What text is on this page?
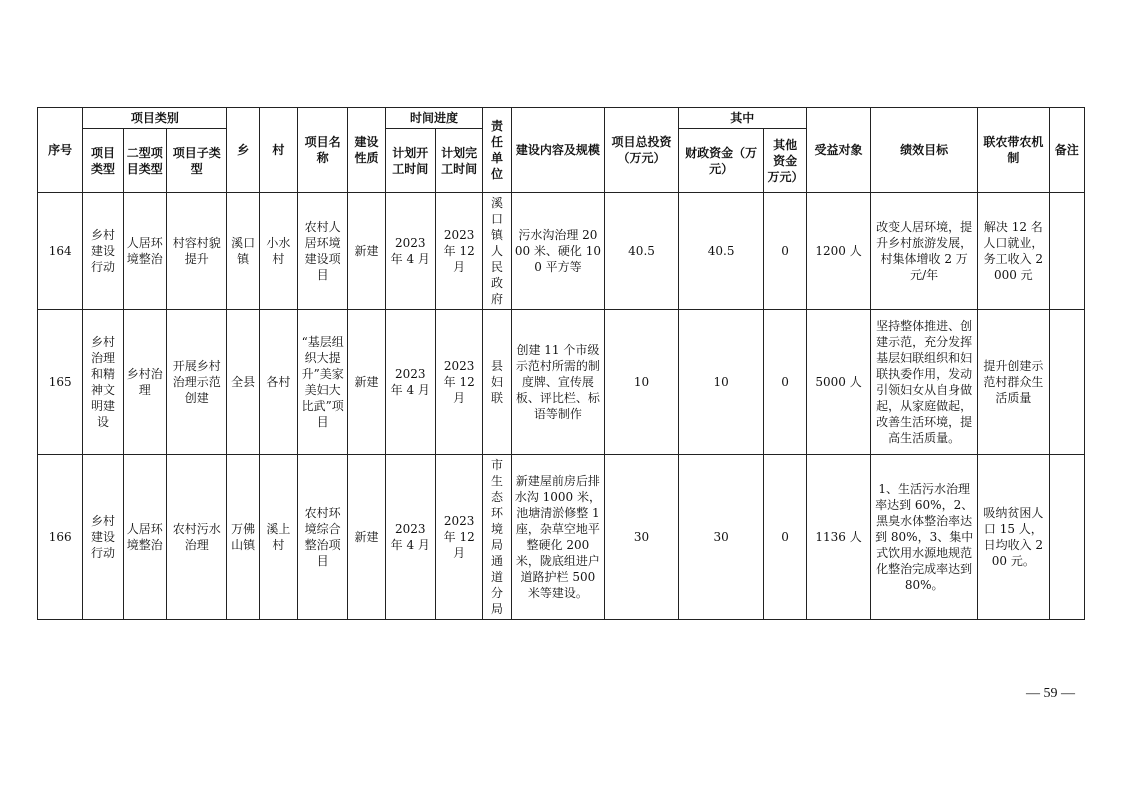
序号	项目类别			乡	村	项目名称	建设性质	时间进度		责任单位	建设内容及规模	项目总投资（万元）	其中		受益对象	绩效目标	联农带农机制	备注
	项目类型	二型项目类型	项目子类型					计划开工时间	计划完工时间				财政资金（万元）	其他资金万元）				
164	乡村建设行动	人居环境整治	村容村貌提升	溪口镇	小水村	农村人居环境建设项目	新建	2023 年 4 月	2023 年 12 月	溪口镇人民政府	污水沟治理 2000 米、硬化 100 平方等	40.5	40.5	0	1200 人	改变人居环境，提升乡村旅游发展，村集体增收 2 万元/年	解决 12 名人口就业，务工收入 2000 元	
165	乡村治理和精神文明建设	乡村治理	开展乡村治理示范创建	全县	各村	“基层组织大提升”美家美妇大比武”项目	新建	2023 年 4 月	2023 年 12 月	县妇联	创建 11 个市级示范村所需的制度牌、宣传展板、评比栏、标语等制作	10	10	0	5000 人	坚持整体推进、创建示范，充分发挥基层妇联组织和妇联执委作用，发动引领妇女从自身做起，从家庭做起，改善生活环境，提高生活质量。	提升创建示范村群众生活质量	
166	乡村建设行动	人居环境整治	农村污水治理	万佛山镇	溪上村	农村环境综合整治项目	新建	2023 年 4 月	2023 年 12 月	市生态环境局通道分局	新建屋前房后排水沟 1000 米，池塘清淤修整 1 座，杂草空地平整硬化 200 米，陇底组进户道路护栏 500 米等建设。	30	30	0	1136 人	1、生活污水治理率达到 60%，2、黑臭水体整治率达到 80%，3、集中式饮用水源地规范化整治完成率达到 80%。	吸纳贫困人口 15 人，日均收入 200 元。	
— 59 —
